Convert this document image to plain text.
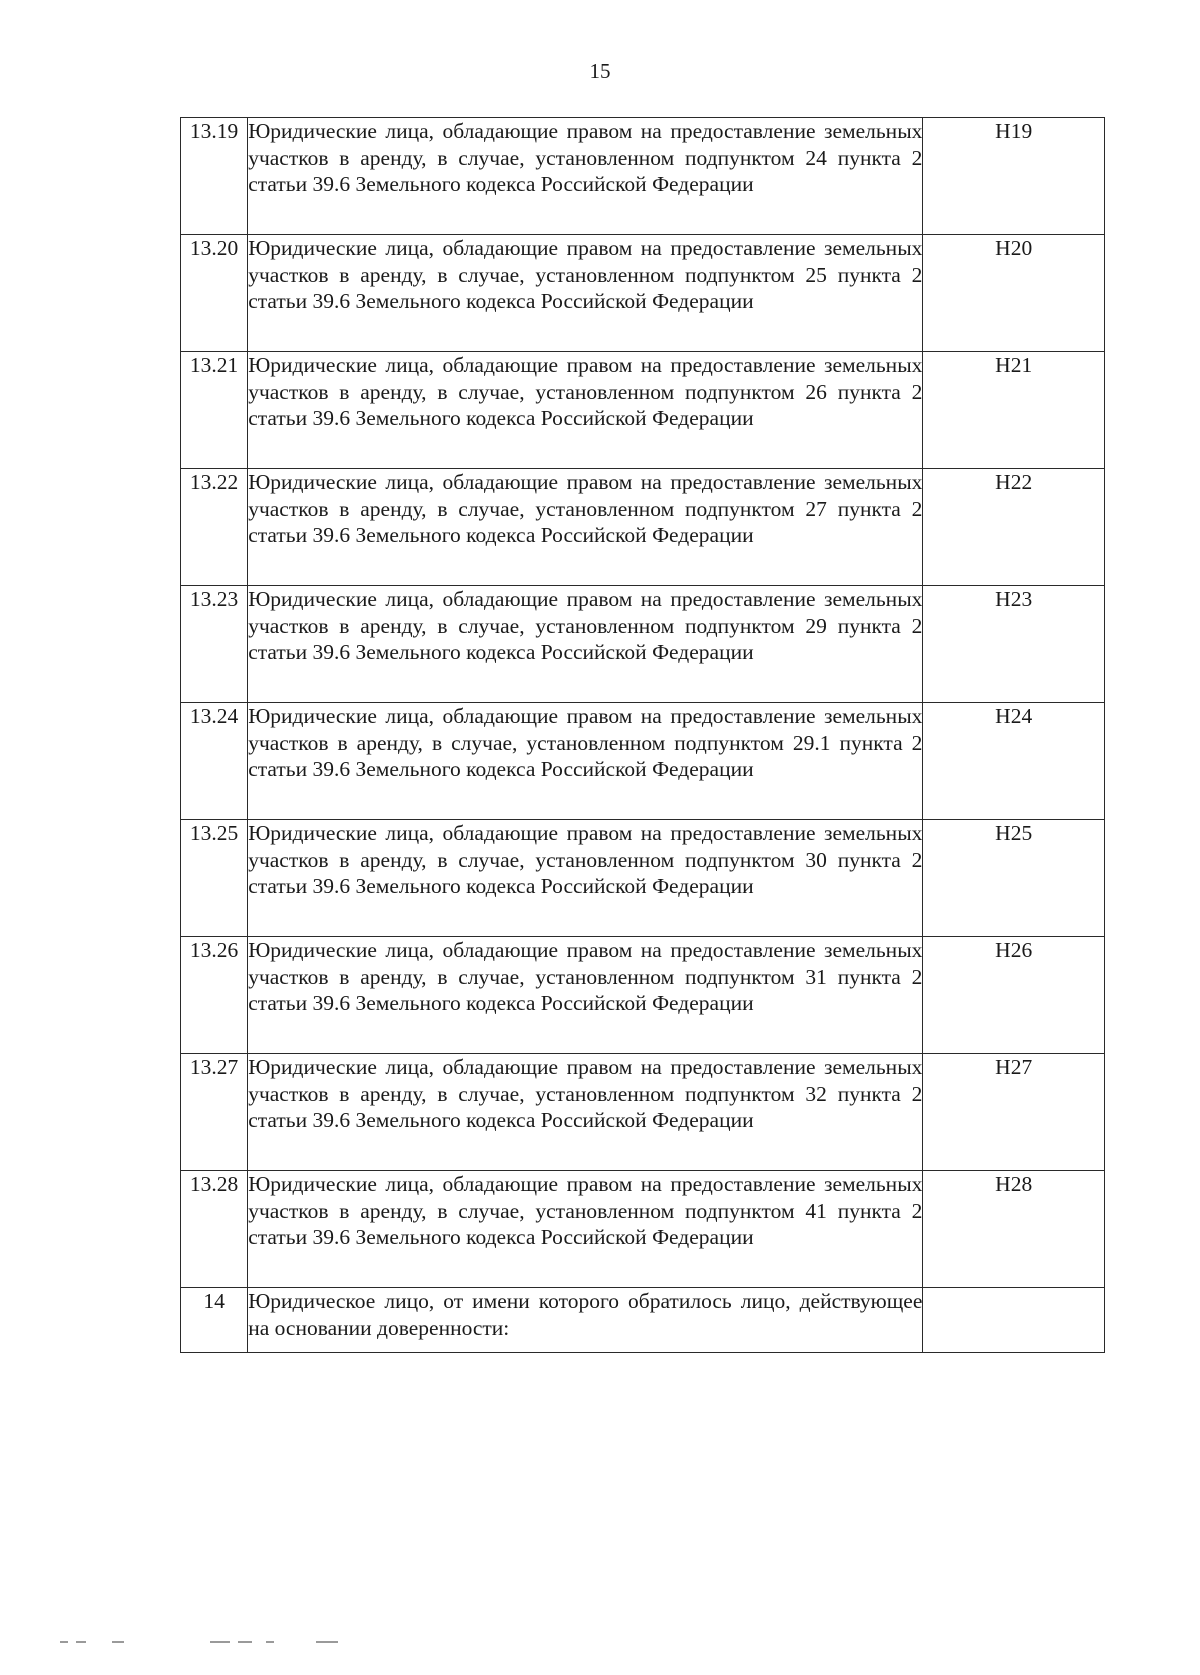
15
13.19	Юридические лица, обладающие правом на предоставление земельных участков в аренду, в случае, установленном подпунктом 24 пункта 2 статьи 39.6 Земельного кодекса Российской Федерации	Н19
13.20	Юридические лица, обладающие правом на предоставление земельных участков в аренду, в случае, установленном подпунктом 25 пункта 2 статьи 39.6 Земельного кодекса Российской Федерации	Н20
13.21	Юридические лица, обладающие правом на предоставление земельных участков в аренду, в случае, установленном подпунктом 26 пункта 2 статьи 39.6 Земельного кодекса Российской Федерации	Н21
13.22	Юридические лица, обладающие правом на предоставление земельных участков в аренду, в случае, установленном подпунктом 27 пункта 2 статьи 39.6 Земельного кодекса Российской Федерации	Н22
13.23	Юридические лица, обладающие правом на предоставление земельных участков в аренду, в случае, установленном подпунктом 29 пункта 2 статьи 39.6 Земельного кодекса Российской Федерации	Н23
13.24	Юридические лица, обладающие правом на предоставление земельных участков в аренду, в случае, установленном подпунктом 29.1 пункта 2 статьи 39.6 Земельного кодекса Российской Федерации	Н24
13.25	Юридические лица, обладающие правом на предоставление земельных участков в аренду, в случае, установленном подпунктом 30 пункта 2 статьи 39.6 Земельного кодекса Российской Федерации	Н25
13.26	Юридические лица, обладающие правом на предоставление земельных участков в аренду, в случае, установленном подпунктом 31 пункта 2 статьи 39.6 Земельного кодекса Российской Федерации	Н26
13.27	Юридические лица, обладающие правом на предоставление земельных участков в аренду, в случае, установленном подпунктом 32 пункта 2 статьи 39.6 Земельного кодекса Российской Федерации	Н27
13.28	Юридические лица, обладающие правом на предоставление земельных участков в аренду, в случае, установленном подпунктом 41 пункта 2 статьи 39.6 Земельного кодекса Российской Федерации	Н28
14	Юридическое лицо, от имени которого обратилось лицо, действующее на основании доверенности:	
